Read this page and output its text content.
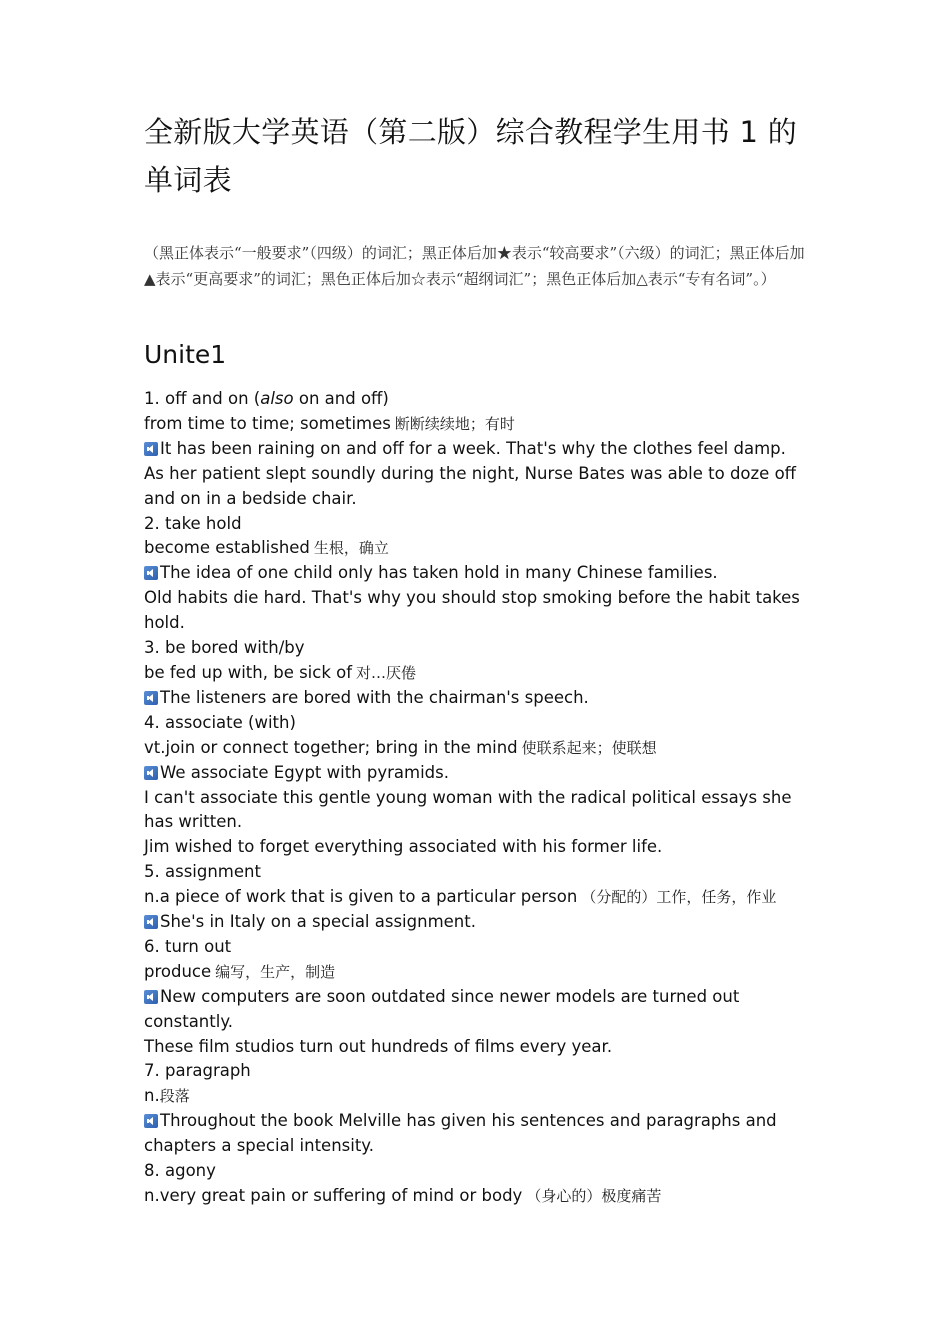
全新版大学英语（第二版）综合教程学生用书 1 的单词表

（黑正体表示“一般要求”（四级）的词汇；黑正体后加★表示“较高要求”（六级）的词汇；黑正体后加▲表示“更高要求”的词汇；黑色正体后加☆表示“超纲词汇”；黑色正体后加△表示“专有名词”。）

Unite1

1. off and on (also on and off)

from time to time; sometimes 断断续续地；有时

It has been raining on and off for a week. That's why the clothes feel damp.

As her patient slept soundly during the night, Nurse Bates was able to doze off and on in a bedside chair.

2. take hold

become established 生根，确立

The idea of one child only has taken hold in many Chinese families.

Old habits die hard. That's why you should stop smoking before the habit takes hold.

3. be bored with/by

be fed up with, be sick of 对…厌倦

The listeners are bored with the chairman's speech.

4. associate (with)

vt.join or connect together; bring in the mind 使联系起来；使联想

We associate Egypt with pyramids.

I can't associate this gentle young woman with the radical political essays she has written.

Jim wished to forget everything associated with his former life.

5. assignment

n.a piece of work that is given to a particular person （分配的）工作，任务，作业

She's in Italy on a special assignment.

6. turn out

produce 编写，生产，制造

New computers are soon outdated since newer models are turned out constantly.

These film studios turn out hundreds of films every year.

7. paragraph

n.段落

Throughout the book Melville has given his sentences and paragraphs and chapters a special intensity.

8. agony

n.very great pain or suffering of mind or body （身心的）极度痛苦
